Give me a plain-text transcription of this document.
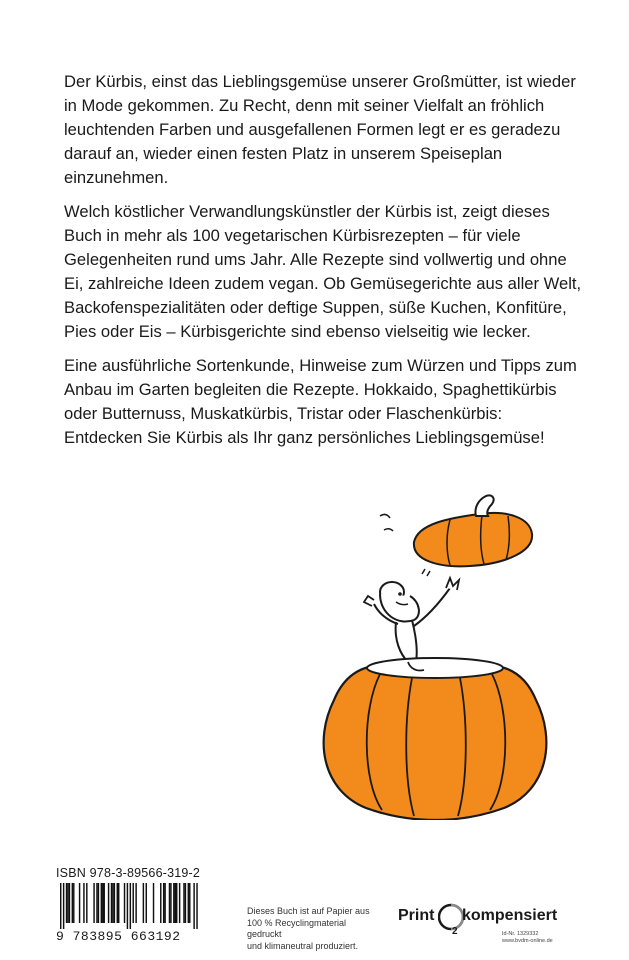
Der Kürbis, einst das Lieblingsgemüse unserer Großmütter, ist wieder in Mode gekommen. Zu Recht, denn mit seiner Vielfalt an fröhlich leuchtenden Farben und ausgefallenen Formen legt er es geradezu darauf an, wieder einen festen Platz in unserem Speiseplan einzunehmen.

Welch köstlicher Verwandlungskünstler der Kürbis ist, zeigt dieses Buch in mehr als 100 vegetarischen Kürbisrezepten – für viele Gelegenheiten rund ums Jahr. Alle Rezepte sind vollwertig und ohne Ei, zahlreiche Ideen zudem vegan. Ob Gemüsegerichte aus aller Welt, Backofenspezialitäten oder deftige Suppen, süße Kuchen, Konfitüre, Pies oder Eis – Kürbisgerichte sind ebenso vielseitig wie lecker.

Eine ausführliche Sortenkunde, Hinweise zum Würzen und Tipps zum Anbau im Garten begleiten die Rezepte. Hokkaido, Spaghettikürbis oder Butternuss, Muskatkürbis, Tristar oder Flaschenkürbis: Entdecken Sie Kürbis als Ihr ganz persönliches Lieblingsgemüse!

ISBN 978-3-89566-319-2
9 783895 663192
Dieses Buch ist auf Papier aus
100 % Recyclingmaterial gedruckt
und klimaneutral produziert.
Print
2
kompensiert
Id-Nr. 1329332
www.bvdm-online.de
